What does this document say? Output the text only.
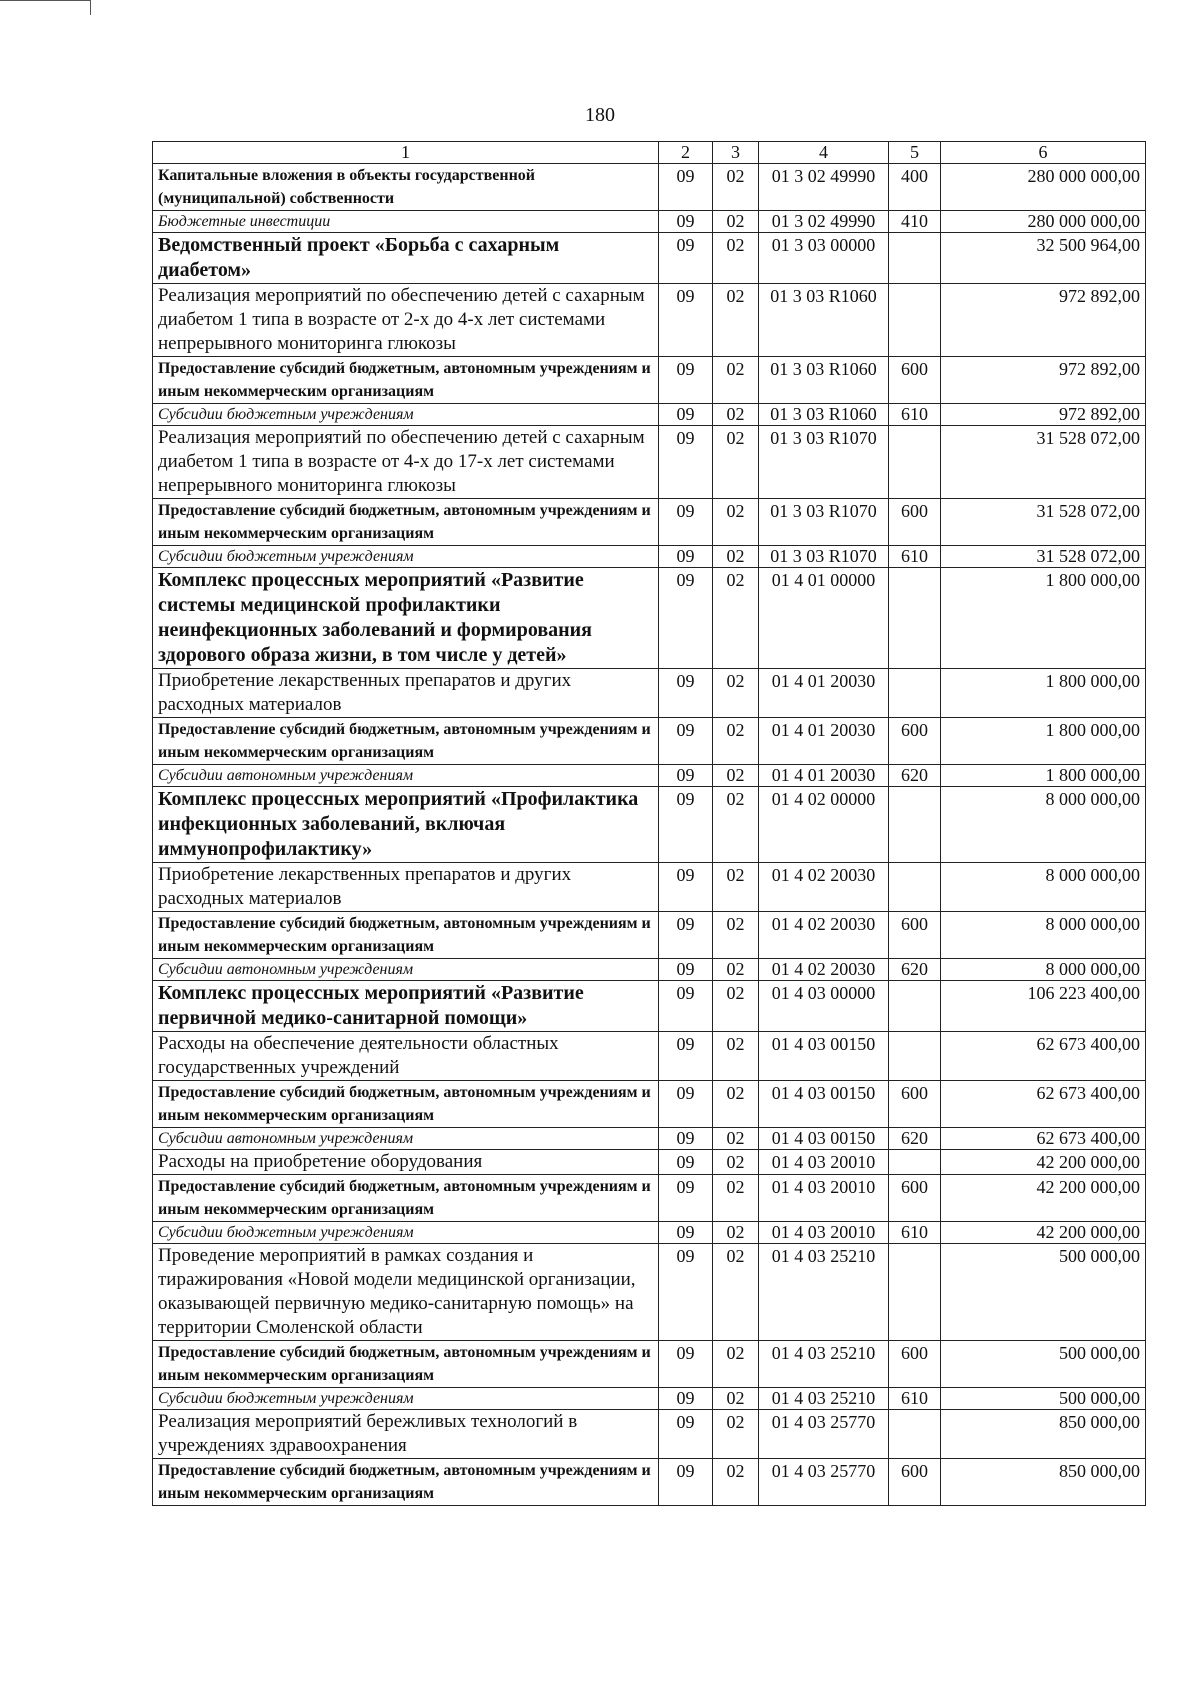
180
1	2	3	4	5	6
Капитальные вложения в объекты государственной (муниципальной) собственности	09	02	01 3 02 49990	400	280 000 000,00
Бюджетные инвестиции	09	02	01 3 02 49990	410	280 000 000,00
Ведомственный проект «Борьба с сахарным диабетом»	09	02	01 3 03 00000		32 500 964,00
Реализация мероприятий по обеспечению детей с сахарным диабетом 1 типа в возрасте от 2-х до 4-х лет системами непрерывного мониторинга глюкозы	09	02	01 3 03 R1060		972 892,00
Предоставление субсидий бюджетным, автономным учреждениям и иным некоммерческим организациям	09	02	01 3 03 R1060	600	972 892,00
Субсидии бюджетным учреждениям	09	02	01 3 03 R1060	610	972 892,00
Реализация мероприятий по обеспечению детей с сахарным диабетом 1 типа в возрасте от 4-х до 17-х лет системами непрерывного мониторинга глюкозы	09	02	01 3 03 R1070		31 528 072,00
Предоставление субсидий бюджетным, автономным учреждениям и иным некоммерческим организациям	09	02	01 3 03 R1070	600	31 528 072,00
Субсидии бюджетным учреждениям	09	02	01 3 03 R1070	610	31 528 072,00
Комплекс процессных мероприятий «Развитие системы медицинской профилактики неинфекционных заболеваний и формирования здорового образа жизни, в том числе у детей»	09	02	01 4 01 00000		1 800 000,00
Приобретение лекарственных препаратов и других расходных материалов	09	02	01 4 01 20030		1 800 000,00
Предоставление субсидий бюджетным, автономным учреждениям и иным некоммерческим организациям	09	02	01 4 01 20030	600	1 800 000,00
Субсидии автономным учреждениям	09	02	01 4 01 20030	620	1 800 000,00
Комплекс процессных мероприятий «Профилактика инфекционных заболеваний, включая иммунопрофилактику»	09	02	01 4 02 00000		8 000 000,00
Приобретение лекарственных препаратов и других расходных материалов	09	02	01 4 02 20030		8 000 000,00
Предоставление субсидий бюджетным, автономным учреждениям и иным некоммерческим организациям	09	02	01 4 02 20030	600	8 000 000,00
Субсидии автономным учреждениям	09	02	01 4 02 20030	620	8 000 000,00
Комплекс процессных мероприятий «Развитие первичной медико-санитарной помощи»	09	02	01 4 03 00000		106 223 400,00
Расходы на обеспечение деятельности областных государственных учреждений	09	02	01 4 03 00150		62 673 400,00
Предоставление субсидий бюджетным, автономным учреждениям и иным некоммерческим организациям	09	02	01 4 03 00150	600	62 673 400,00
Субсидии автономным учреждениям	09	02	01 4 03 00150	620	62 673 400,00
Расходы на приобретение оборудования	09	02	01 4 03 20010		42 200 000,00
Предоставление субсидий бюджетным, автономным учреждениям и иным некоммерческим организациям	09	02	01 4 03 20010	600	42 200 000,00
Субсидии бюджетным учреждениям	09	02	01 4 03 20010	610	42 200 000,00
Проведение мероприятий в рамках создания и тиражирования «Новой модели медицинской организации, оказывающей первичную медико-санитарную помощь» на территории Смоленской области	09	02	01 4 03 25210		500 000,00
Предоставление субсидий бюджетным, автономным учреждениям и иным некоммерческим организациям	09	02	01 4 03 25210	600	500 000,00
Субсидии бюджетным учреждениям	09	02	01 4 03 25210	610	500 000,00
Реализация мероприятий бережливых технологий в учреждениях здравоохранения	09	02	01 4 03 25770		850 000,00
Предоставление субсидий бюджетным, автономным учреждениям и иным некоммерческим организациям	09	02	01 4 03 25770	600	850 000,00
